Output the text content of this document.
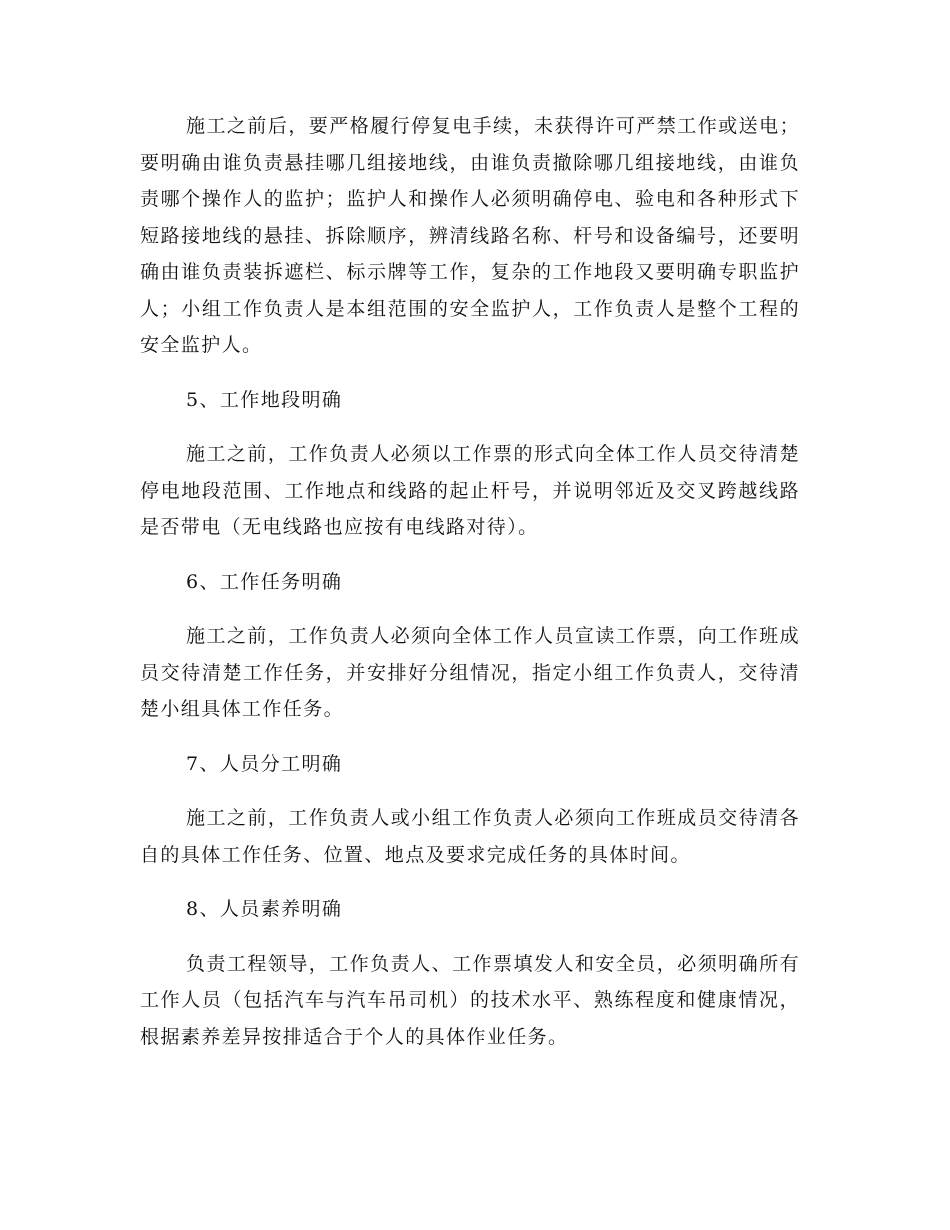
施工之前后，要严格履行停复电手续，未获得许可严禁工作或送电；要明确由谁负责悬挂哪几组接地线，由谁负责撤除哪几组接地线，由谁负责哪个操作人的监护；监护人和操作人必须明确停电、验电和各种形式下短路接地线的悬挂、拆除顺序，辨清线路名称、杆号和设备编号，还要明确由谁负责装拆遮栏、标示牌等工作，复杂的工作地段又要明确专职监护人；小组工作负责人是本组范围的安全监护人，工作负责人是整个工程的安全监护人。

5、工作地段明确

施工之前，工作负责人必须以工作票的形式向全体工作人员交待清楚停电地段范围、工作地点和线路的起止杆号，并说明邻近及交叉跨越线路是否带电（无电线路也应按有电线路对待）。

6、工作任务明确

施工之前，工作负责人必须向全体工作人员宣读工作票，向工作班成员交待清楚工作任务，并安排好分组情况，指定小组工作负责人，交待清楚小组具体工作任务。

7、人员分工明确

施工之前，工作负责人或小组工作负责人必须向工作班成员交待清各自的具体工作任务、位置、地点及要求完成任务的具体时间。

8、人员素养明确

负责工程领导，工作负责人、工作票填发人和安全员，必须明确所有工作人员（包括汽车与汽车吊司机）的技术水平、熟练程度和健康情况，根据素养差异按排适合于个人的具体作业任务。
